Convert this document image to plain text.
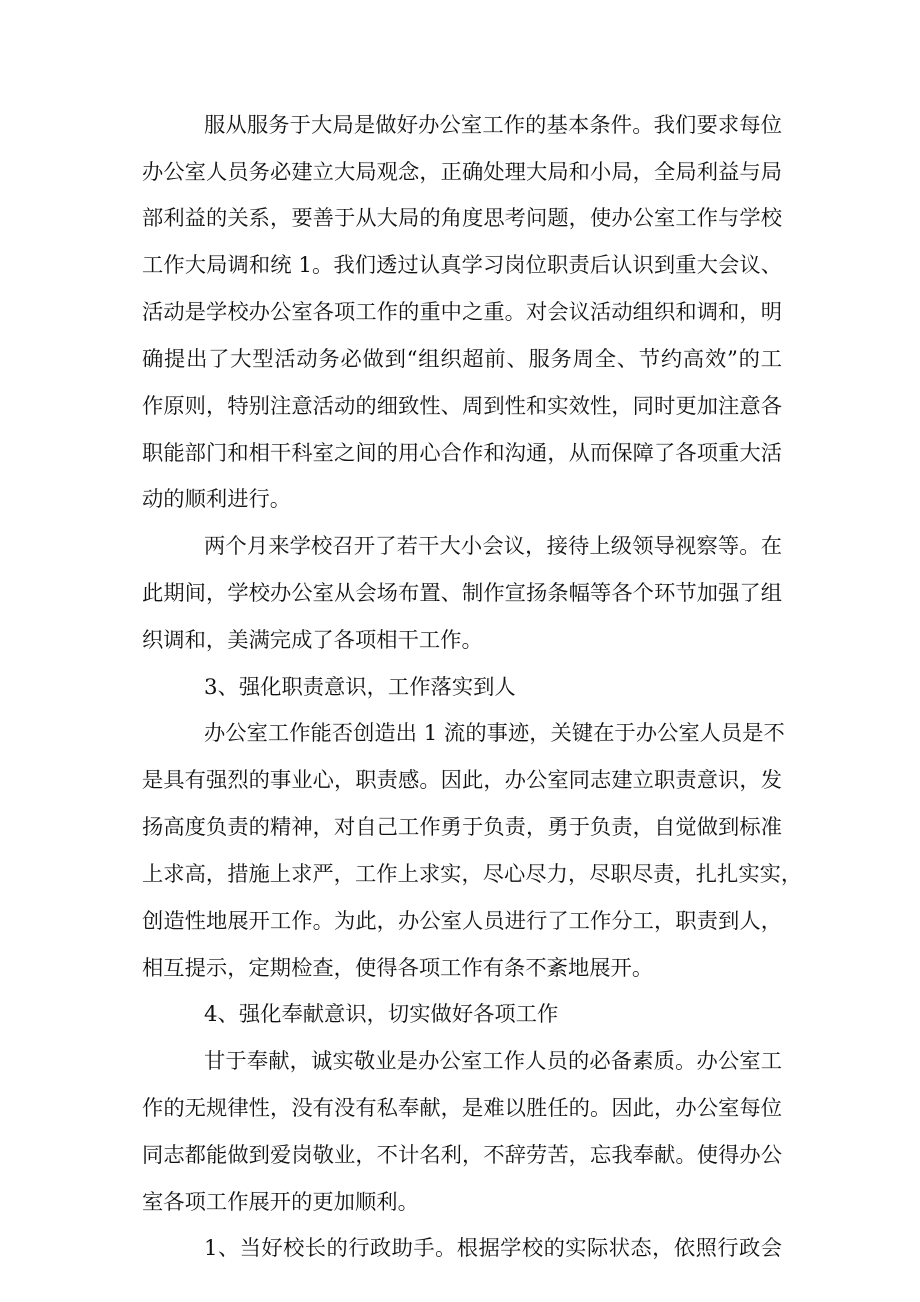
服从服务于大局是做好办公室工作的基本条件。我们要求每位
办公室人员务必建立大局观念，正确处理大局和小局，全局利益与局
部利益的关系，要善于从大局的角度思考问题，使办公室工作与学校
工作大局调和统 1。我们透过认真学习岗位职责后认识到重大会议、
活动是学校办公室各项工作的重中之重。对会议活动组织和调和，明
确提出了大型活动务必做到“组织超前、服务周全、节约高效”的工
作原则，特别注意活动的细致性、周到性和实效性，同时更加注意各
职能部门和相干科室之间的用心合作和沟通，从而保障了各项重大活
动的顺利进行。
两个月来学校召开了若干大小会议，接待上级领导视察等。在
此期间，学校办公室从会场布置、制作宣扬条幅等各个环节加强了组
织调和，美满完成了各项相干工作。
3、强化职责意识，工作落实到人
办公室工作能否创造出 1 流的事迹，关键在于办公室人员是不
是具有强烈的事业心，职责感。因此，办公室同志建立职责意识，发
扬高度负责的精神，对自己工作勇于负责，勇于负责，自觉做到标准
上求高，措施上求严，工作上求实，尽心尽力，尽职尽责，扎扎实实，
创造性地展开工作。为此，办公室人员进行了工作分工，职责到人，
相互提示，定期检查，使得各项工作有条不紊地展开。
4、强化奉献意识，切实做好各项工作
甘于奉献，诚实敬业是办公室工作人员的必备素质。办公室工
作的无规律性，没有没有私奉献，是难以胜任的。因此，办公室每位
同志都能做到爱岗敬业，不计名利，不辞劳苦，忘我奉献。使得办公
室各项工作展开的更加顺利。
1、当好校长的行政助手。根据学校的实际状态，依照行政会
